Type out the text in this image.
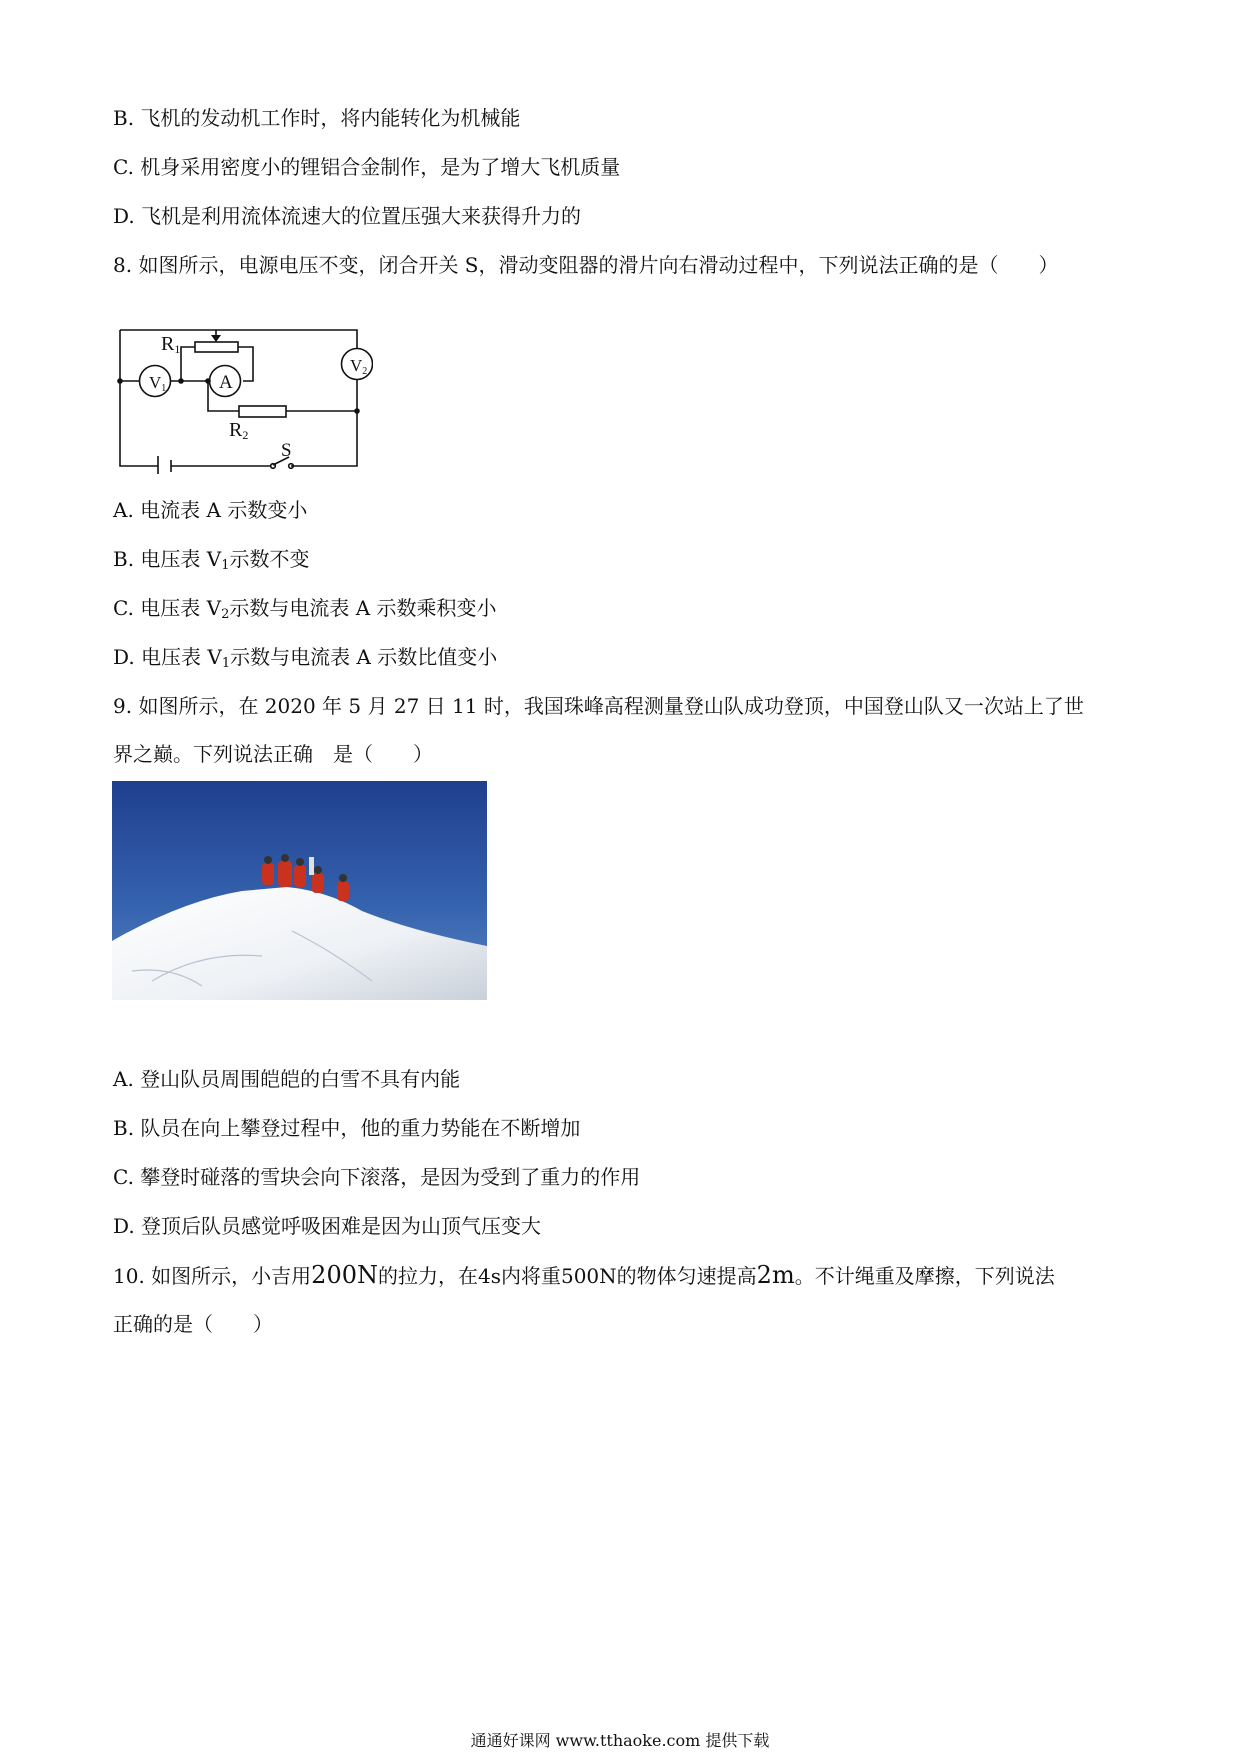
B. 飞机的发动机工作时，将内能转化为机械能
C. 机身采用密度小的锂铝合金制作，是为了增大飞机质量
D. 飞机是利用流体流速大的位置压强大来获得升力的
8. 如图所示，电源电压不变，闭合开关 S，滑动变阻器的滑片向右滑动过程中，下列说法正确的是（　　）
R1
V1	A
V2
R2
S
A. 电流表 A 示数变小
B. 电压表 $V_1$示数不变
C. 电压表 $V_2$示数与电流表 A 示数乘积变小
D. 电压表 $V_1$示数与电流表 A 示数比值变小
9. 如图所示，在 2020 年 5 月 27 日 11 时，我国珠峰高程测量登山队成功登顶，中国登山队又一次站上了世
界之巅。下列说法正确　是（　　）
A. 登山队员周围皑皑的白雪不具有内能
B. 队员在向上攀登过程中，他的重力势能在不断增加
C. 攀登时碰落的雪块会向下滚落，是因为受到了重力的作用
D. 登顶后队员感觉呼吸困难是因为山顶气压变大
10. 如图所示，小吉用200N的拉力，在4s内将重500N的物体匀速提高2m。不计绳重及摩擦，下列说法
正确的是（　　）
通通好课网 www.tthaoke.com 提供下载
